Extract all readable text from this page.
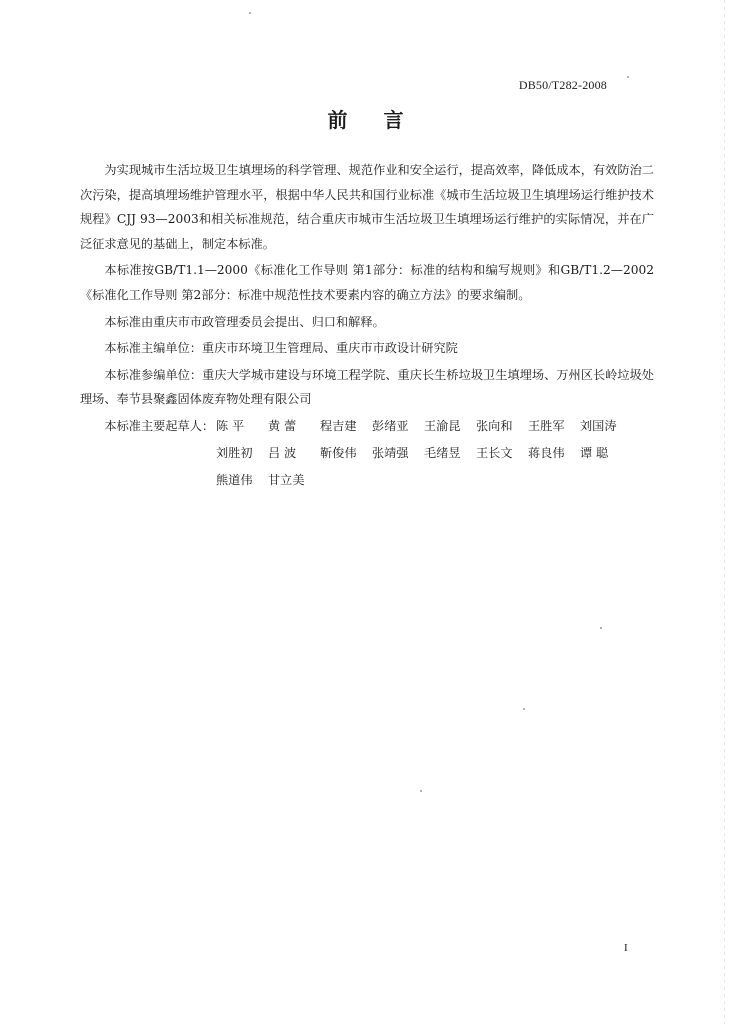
DB50/T282-2008
前言

为实现城市生活垃圾卫生填埋场的科学管理、规范作业和安全运行，提高效率，降低成本，有效防治二次污染，提高填埋场维护管理水平，根据中华人民共和国行业标准《城市生活垃圾卫生填埋场运行维护技术规程》CJJ 93—2003和相关标准规范，结合重庆市城市生活垃圾卫生填埋场运行维护的实际情况，并在广泛征求意见的基础上，制定本标准。

本标准按GB/T1.1—2000《标准化工作导则 第1部分：标准的结构和编写规则》和GB/T1.2—2002《标准化工作导则 第2部分：标准中规范性技术要素内容的确立方法》的要求编制。

本标准由重庆市市政管理委员会提出、归口和解释。

本标准主编单位：重庆市环境卫生管理局、重庆市市政设计研究院

本标准参编单位：重庆大学城市建设与环境工程学院、重庆长生桥垃圾卫生填埋场、万州区长岭垃圾处理场、奉节县聚鑫固体废弃物处理有限公司

本标准主要起草人： 陈 平	黄 蕾	程吉建	彭绪亚	王渝昆	张向和	王胜军	刘国涛
刘胜初	吕 波	靳俊伟	张靖强	毛绪昱	王长文	蒋良伟	谭 聪
熊道伟	甘立美
I
